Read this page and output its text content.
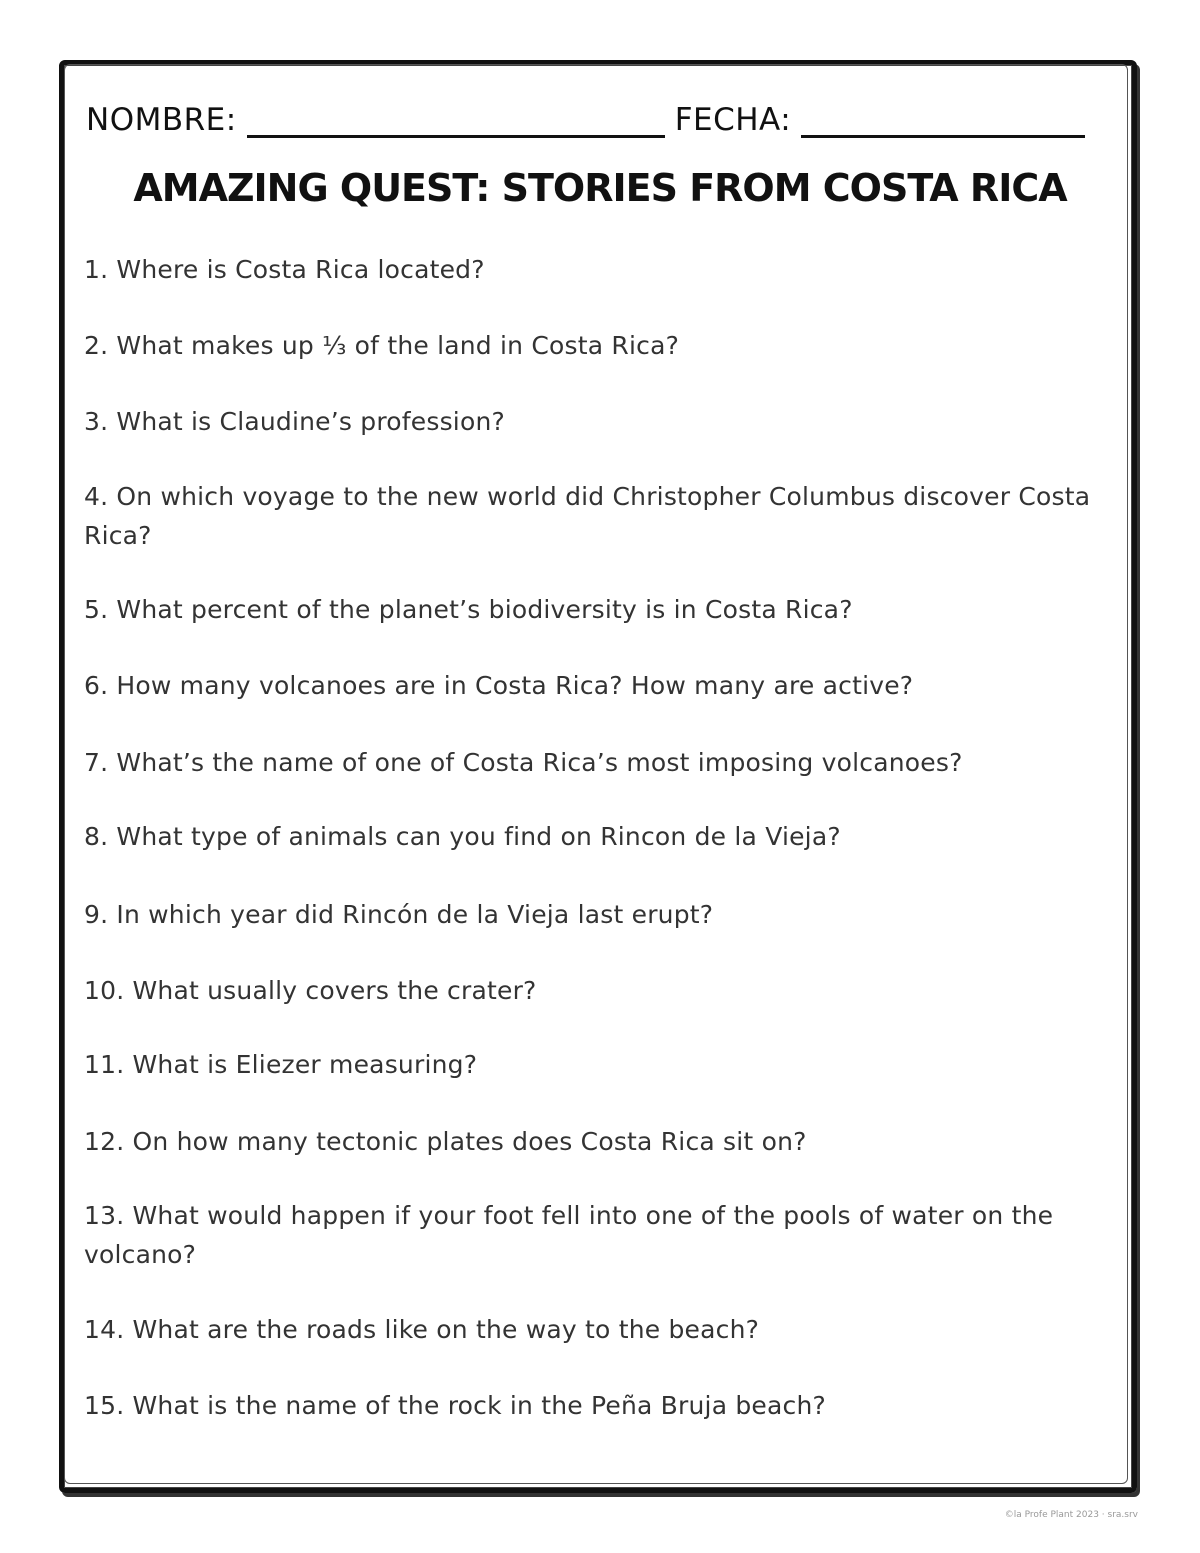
NOMBRE:	FECHA:
AMAZING QUEST: STORIES FROM COSTA RICA
1. Where is Costa Rica located?
2. What makes up ⅓ of the land in Costa Rica?
3. What is Claudine’s profession?
4. On which voyage to the new world did Christopher Columbus discover Costa Rica?
5. What percent of the planet’s biodiversity is in Costa Rica?
6. How many volcanoes are in Costa Rica? How many are active?
7. What’s the name of one of Costa Rica’s most imposing volcanoes?
8. What type of animals can you find on Rincon de la Vieja?
9. In which year did Rincón de la Vieja last erupt?
10. What usually covers the crater?
11. What is Eliezer measuring?
12. On how many tectonic plates does Costa Rica sit on?
13. What would happen if your foot fell into one of the pools of water on the volcano?
14. What are the roads like on the way to the beach?
15. What is the name of the rock in the Peña Bruja beach?
©la Profe Plant 2023 · sra.srv
